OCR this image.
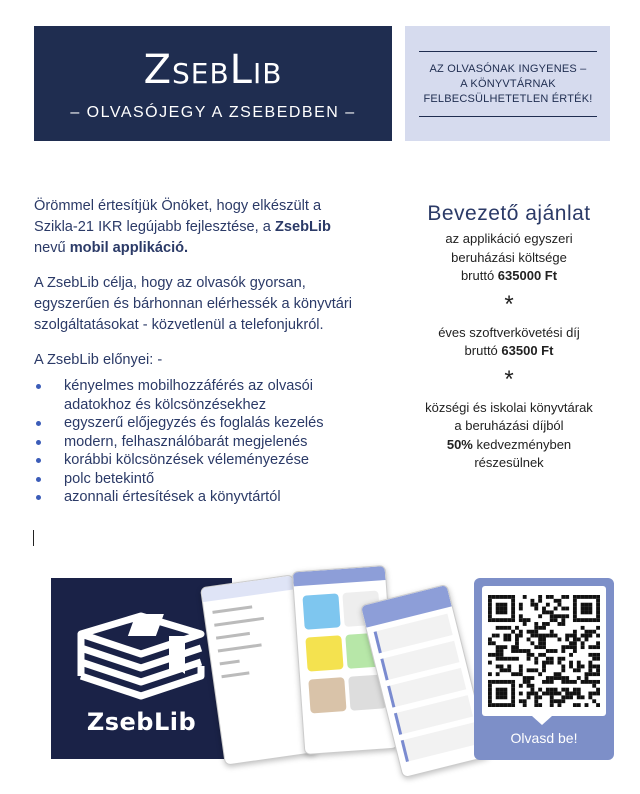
ZsebLib
– OLVASÓJEGY A ZSEBEDBEN –
AZ OLVASÓNAK INGYENES –
A KÖNYVTÁRNAK
FELBECSÜLHETETLEN ÉRTÉK!

Örömmel értesítjük Önöket, hogy elkészült a Szikla-21 IKR legújabb fejlesztése, a ZsebLib nevű mobil applikáció.

A ZsebLib célja, hogy az olvasók gyorsan, egyszerűen és bárhonnan elérhessék a könyvtári szolgáltatásokat - közvetlenül a telefonjukról.

A ZsebLib előnyei: -

kényelmes mobilhozzáférés az olvasói adatokhoz és kölcsönzésekhez
egyszerű előjegyzés és foglalás kezelés
modern, felhasználóbarát megjelenés
korábbi kölcsönzések véleményezése
polc betekintő
azonnali értesítések a könyvtártól
Bevezető ajánlat
az applikáció egyszeri
beruházási költsége
bruttó 635000 Ft
*
éves szoftverkövetési díj
bruttó 63500 Ft
*
községi és iskolai könyvtárak
a beruházási díjból
50% kedvezményben
részesülnek
ZsebLib
Olvasd be!
